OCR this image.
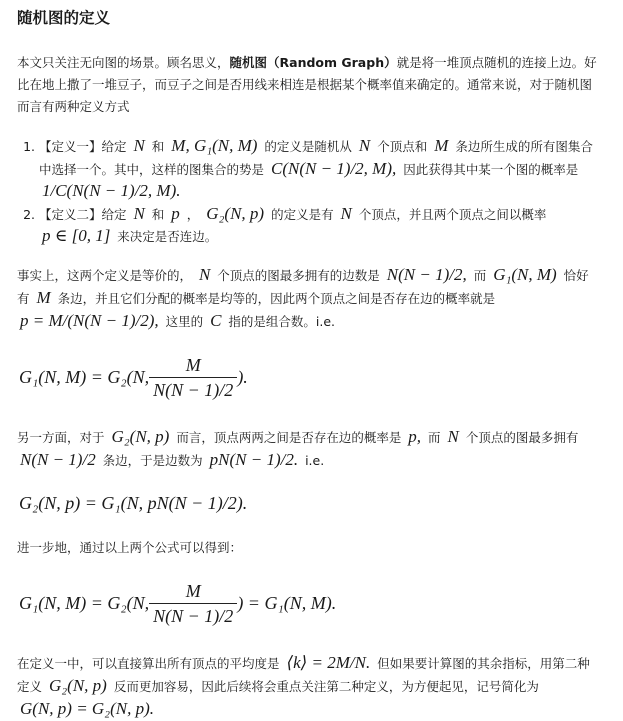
随机图的定义

本文只关注无向图的场景。顾名思义，随机图（Random Graph）就是将一堆顶点随机的连接上边。好比在地上撒了一堆豆子，而豆子之间是否用线来相连是根据某个概率值来确定的。通常来说，对于随机图而言有两种定义方式

1. 【定义一】给定 N 和 M, G₁(N, M) 的定义是随机从 N 个顶点和 M 条边所生成的所有图集合中选择一个。其中，这样的图集合的势是 C(N(N − 1)/2, M), 因此获得其中某一个图的概率是 1/C(N(N − 1)/2, M).
2. 【定义二】给定 N 和 p ， G₂(N, p) 的定义是有 N 个顶点，并且两个顶点之间以概率 p ∈ [0, 1] 来决定是否连边。

事实上，这两个定义是等价的， N 个顶点的图最多拥有的边数是 N(N − 1)/2, 而 G₁(N, M) 恰好有 M 条边，并且它们分配的概率是均等的，因此两个顶点之间是否存在边的概率就是 p = M/(N(N − 1)/2), 这里的 C 指的是组合数。i.e.

G₁(N, M) = G₂(N, $\frac{M}{N(N - 1)/2}$ ).

另一方面，对于 G₂(N, p) 而言，顶点两两之间是否存在边的概率是 p, 而 N 个顶点的图最多拥有 N(N − 1)/2 条边，于是边数为 pN(N − 1)/2. i.e.

G₂(N, p) = G₁(N, pN(N − 1)/2).

进一步地，通过以上两个公式可以得到：

G₁(N, M) = G₂(N, $\frac{M}{N(N - 1)/2}$ ) = G₁(N, M).

在定义一中，可以直接算出所有顶点的平均度是 ⟨k⟩ = 2M/N. 但如果要计算图的其余指标，用第二种定义 G₂(N, p) 反而更加容易，因此后续将会重点关注第二种定义，为方便起见，记号简化为 G(N, p) = G₂(N, p).
